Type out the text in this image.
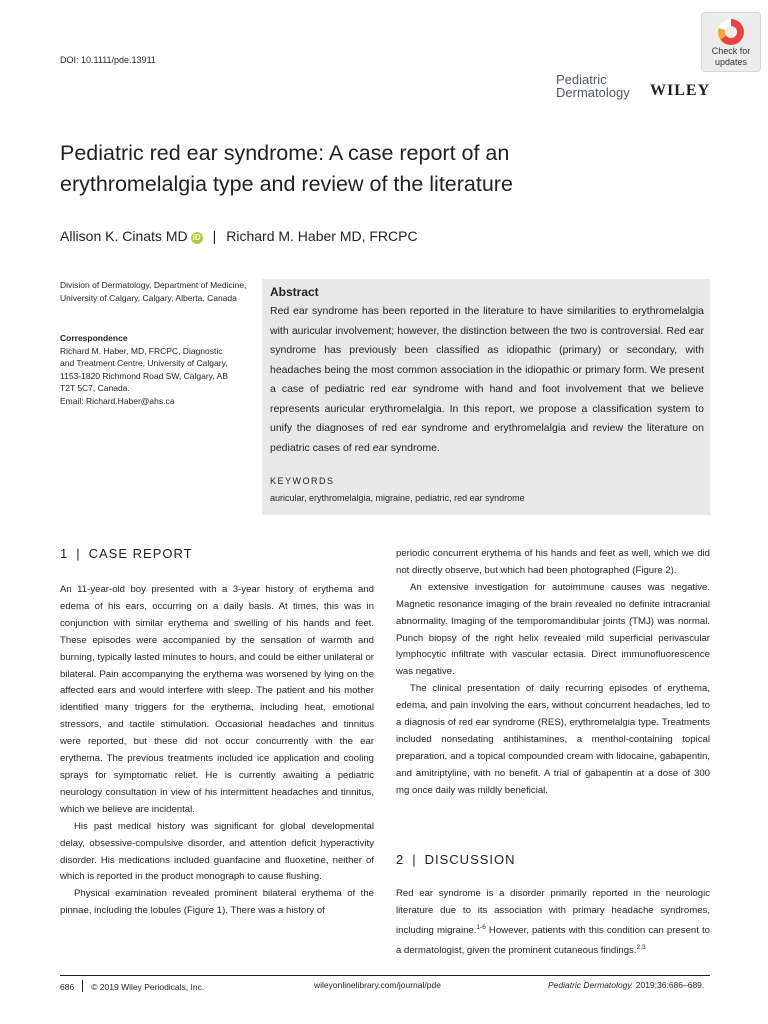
Check for
updates
DOI: 10.1111/pde.13911
Pediatric
Dermatology WILEY
Pediatric red ear syndrome: A case report of an erythromelalgia type and review of the literature
Allison K. Cinats MD iD | Richard M. Haber MD, FRCPC
Division of Dermatology, Department of Medicine, University of Calgary, Calgary, Alberta, Canada
Correspondence
Richard M. Haber, MD, FRCPC, Diagnostic
and Treatment Centre, University of Calgary,
1153-1820 Richmond Road SW, Calgary, AB
T2T 5C7, Canada.
Email: Richard.Haber@ahs.ca
Abstract
Red ear syndrome has been reported in the literature to have similarities to erythromelalgia with auricular involvement; however, the distinction between the two is controversial. Red ear syndrome has previously been classified as idiopathic (primary) or secondary, with headaches being the most common association in the idiopathic or primary form. We present a case of pediatric red ear syndrome with hand and foot involvement that we believe represents auricular erythromelalgia. In this report, we propose a classification system to unify the diagnoses of red ear syndrome and erythromelalgia and review the literature on pediatric cases of red ear syndrome.
KEYWORDS
auricular, erythromelalgia, migraine, pediatric, red ear syndrome
1 | CASE REPORT

An 11-year-old boy presented with a 3-year history of erythema and edema of his ears, occurring on a daily basis. At times, this was in conjunction with similar erythema and swelling of his hands and feet. These episodes were accompanied by the sensation of warmth and burning, typically lasted minutes to hours, and could be either unilateral or bilateral. Pain accompanying the erythema was worsened by lying on the affected ears and would interfere with sleep. The patient and his mother identified many triggers for the erythema, including heat, emotional stressors, and tactile stimulation. Occasional headaches and tinnitus were reported, but these did not occur concurrently with the ear erythema. The previous treatments included ice application and cooling sprays for symptomatic relief. He is currently awaiting a pediatric neurology consultation in view of his intermittent headaches and tinnitus, which we believe are incidental.

His past medical history was significant for global developmental delay, obsessive-compulsive disorder, and attention deficit hyperactivity disorder. His medications included guanfacine and fluoxetine, neither of which is reported in the product monograph to cause flushing.

Physical examination revealed prominent bilateral erythema of the pinnae, including the lobules (Figure 1). There was a history of

periodic concurrent erythema of his hands and feet as well, which we did not directly observe, but which had been photographed (Figure 2).

An extensive investigation for autoimmune causes was negative. Magnetic resonance imaging of the brain revealed no definite intracranial abnormality. Imaging of the temporomandibular joints (TMJ) was normal. Punch biopsy of the right helix revealed mild superficial perivascular lymphocytic infiltrate with vascular ectasia. Direct immunofluorescence was negative.

The clinical presentation of daily recurring episodes of erythema, edema, and pain involving the ears, without concurrent headaches, led to a diagnosis of red ear syndrome (RES), erythromelalgia type. Treatments included nonsedating antihistamines, a menthol-containing topical preparation, and a topical compounded cream with lidocaine, gabapentin, and amitriptyline, with no benefit. A trial of gabapentin at a dose of 300 mg once daily was mildly beneficial.

2 | DISCUSSION

Red ear syndrome is a disorder primarily reported in the neurologic literature due to its association with primary headache syndromes, including migraine.$^{1-6}$ However, patients with this condition can present to a dermatologist, given the prominent cutaneous findings.$^{2,3}$

686 © 2019 Wiley Periodicals, Inc.	wileyonlinelibrary.com/journal/pde	Pediatric Dermatology. 2019;36:686–689.
